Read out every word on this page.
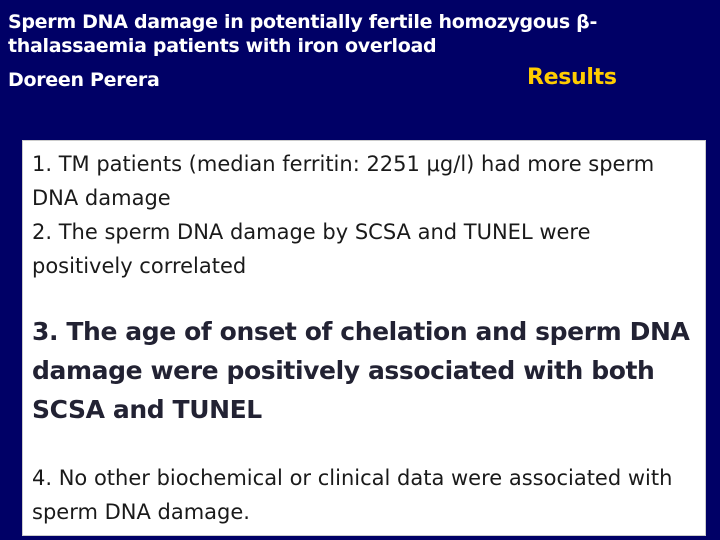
Sperm DNA damage in potentially fertile homozygous β-
thalassaemia patients with iron overload
Doreen Perera	Results

1. TM patients (median ferritin: 2251 μg/l) had more sperm DNA damage

2. The sperm DNA damage by SCSA and TUNEL were positively correlated

3. The age of onset of chelation and sperm DNA damage were positively associated with both SCSA and TUNEL

4. No other biochemical or clinical data were associated with sperm DNA damage.
